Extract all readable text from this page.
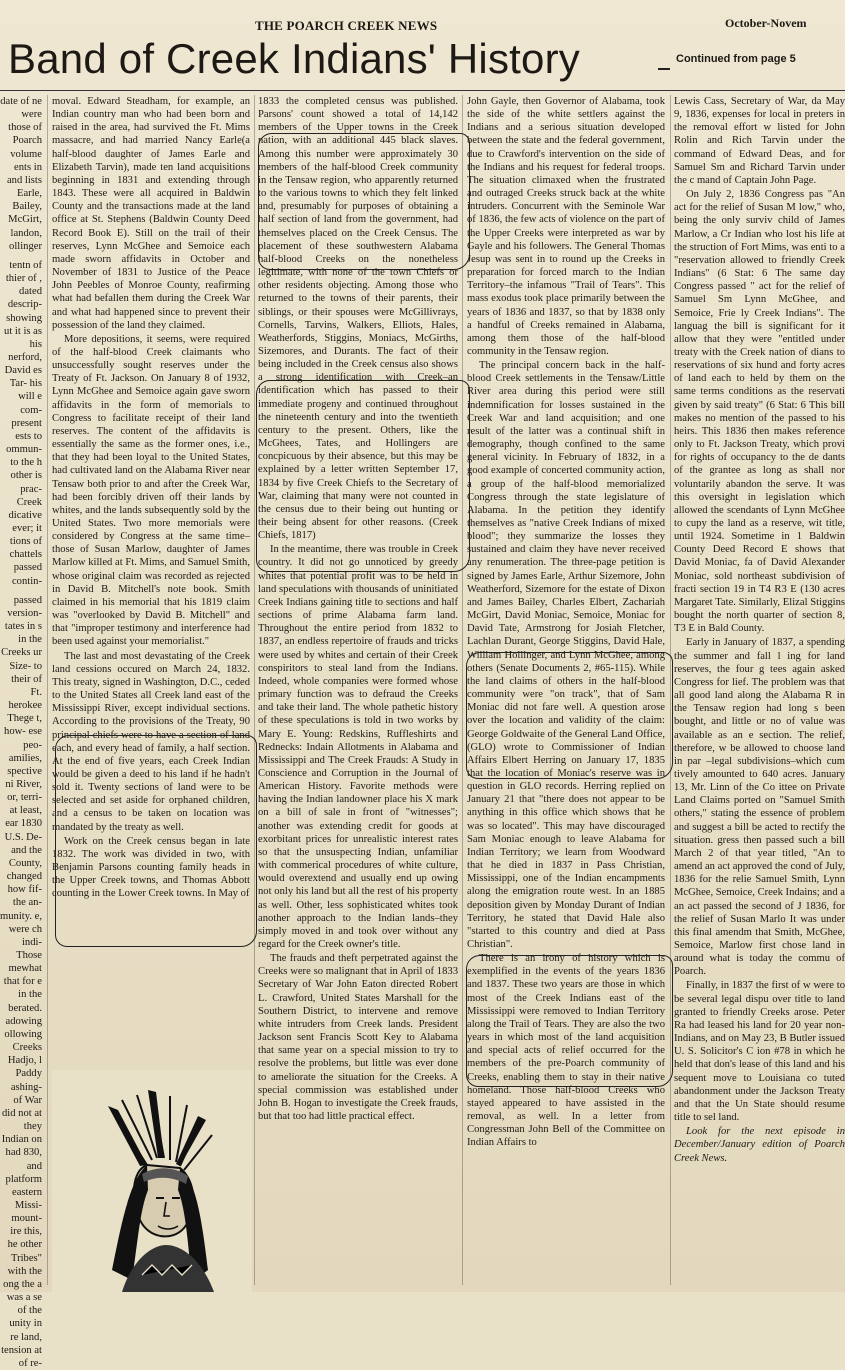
THE POARCH CREEK NEWS	October-Novem
Band of Creek Indians' History	Continued from page 5

date of ne were those of Poarch volume ents in and lists Earle, Bailey, McGirt, landon, ollinger

tentn of thier of , dated descrip- showing ut it is as his nerford, David es Tar- his will e com- present ests to ommun- to the h other is prac- Creek dicative ever; it tions of chattels passed contin-

passed version- tates in s in the Creeks ur Size- to their of Ft. herokee Thege t, how- ese peo- amilies, spective ni River, or, terri- at least, ear 1830 U.S. De- and the County, changed how fif- the an- munity. e, were ch indi- Those mewhat that for e in the berated. adowing ollowing Creeks Hadjo, l Paddy ashing- of War did not at they Indian on had 830, and platform eastern Missi- mount- ire this, he other Tribes" with the ong the a was a se of the unity in re land, tension at of re-

moval. Edward Steadham, for example, an Indian country man who had been born and raised in the area, had survived the Ft. Mims massacre, and had married Nancy Earle(a half-blood daughter of James Earle and Elizabeth Tarvin), made ten land acquisitions beginning in 1831 and extending through 1843. These were all acquired in Baldwin County and the transactions made at the land office at St. Stephens (Baldwin County Deed Record Book E). Still on the trail of their reserves, Lynn McGhee and Semoice each made sworn affidavits in October and November of 1831 to Justice of the Peace John Peebles of Monroe County, reafirming what had befallen them during the Creek War and what had happened since to prevent their possession of the land they claimed.

More depositions, it seems, were required of the half-blood Creek claimants who unsuccessfully sought reserves under the Treaty of Ft. Jackson. On January 8 of 1932, Lynn McGhee and Semoice again gave sworn affidavits in the form of memorials to Congress to facilitate receipt of their land reserves. The content of the affidavits is essentially the same as the former ones, i.e., that they had been loyal to the United States, had cultivated land on the Alabama River near Tensaw both prior to and after the Creek War, had been forcibly driven off their lands by whites, and the lands subsequently sold by the United States. Two more memorials were considered by Congress at the same time–those of Susan Marlow, daughter of James Marlow killed at Ft. Mims, and Samuel Smith, whose original claim was recorded as rejected in David B. Mitchell's note book. Smith claimed in his memorial that his 1819 claim was "overlooked by David B. Mitchell" and that "improper testimony and interference had been used against your memorialist."

The last and most devastating of the Creek land cessions occured on March 24, 1832. This treaty, signed in Washington, D.C., ceded to the United States all Creek land east of the Mississippi River, except individual sections. According to the provisions of the Treaty, 90 principal chiefs were to have a section of land each, and every head of family, a half section. At the end of five years, each Creek Indian would be given a deed to his land if he hadn't sold it. Twenty sections of land were to be selected and set aside for orphaned children, and a census to be taken on location was mandated by the treaty as well.

Work on the Creek census began in late 1832. The work was divided in two, with Benjamin Parsons counting family heads in the Upper Creek towns, and Thomas Abbott counting in the Lower Creek towns. In May of

1833 the completed census was published. Parsons' count showed a total of 14,142 members of the Upper towns in the Creek nation, with an additional 445 black slaves. Among this number were approximately 30 members of the half-blood Creek community in the Tensaw region, who apparently returned to the various towns to which they felt linked and, presumably for purposes of obtaining a half section of land from the government, had themselves placed on the Creek Census. The placement of these southwestern Alabama half-blood Creeks on the nonetheless legitimate, with none of the town Chiefs or other residents objecting. Among those who returned to the towns of their parents, their siblings, or their spouses were McGillivrays, Cornells, Tarvins, Walkers, Elliots, Hales, Weatherfords, Stiggins, Moniacs, McGirths, Sizemores, and Durants. The fact of their being included in the Creek census also shows a strong identification with Creek–an identification which has passed to their immediate progeny and continued throughout the nineteenth century and into the twentieth century to the present. Others, like the McGhees, Tates, and Hollingers are concpicuous by their absence, but this may be explained by a letter written September 17, 1834 by five Creek Chiefs to the Secretary of War, claiming that many were not counted in the census due to their being out hunting or their being absent for other reasons. (Creek Chiefs, 1817)

In the meantime, there was trouble in Creek country. It did not go unnoticed by greedy whites that potential profit was to be held in land speculations with thousands of uninitiated Creek Indians gaining title to sections and half sections of prime Alabama farm land. Throughout the entire period from 1832 to 1837, an endless repertoire of frauds and tricks were used by whites and certain of their Creek conspiritors to steal land from the Indians. Indeed, whole companies were formed whose primary function was to defraud the Creeks and take their land. The whole pathetic history of these speculations is told in two works by Mary E. Young: Redskins, Ruffleshirts and Rednecks: Indain Allotments in Alabama and Mississippi and The Creek Frauds: A Study in Conscience and Corruption in the Journal of American History. Favorite methods were having the Indian landowner place his X mark on a bill of sale in front of "witnesses"; another was extending credit for goods at exorbitant prices for unrealistic interest rates so that the unsuspecting Indian, unfamiliar with commerical procedures of white culture, would overextend and usually end up owing not only his land but all the rest of his property as well. Other, less sophisticated whites took another approach to the Indian lands–they simply moved in and took over without any regard for the Creek owner's title.

The frauds and theft perpetrated against the Creeks were so malignant that in April of 1833 Secretary of War John Eaton directed Robert L. Crawford, United States Marshall for the Southern District, to intervene and remove white intruders from Creek lands. President Jackson sent Francis Scott Key to Alabama that same year on a special mission to try to resolve the problems, but little was ever done to ameliorate the situation for the Creeks. A special commission was established under John B. Hogan to investigate the Creek frauds, but that too had little practical effect.

John Gayle, then Governor of Alabama, took the side of the white settlers against the Indians and a serious situation developed between the state and the federal government, due to Crawford's intervention on the side of the Indians and his request for federal troops. The situation climaxed when the frustrated and outraged Creeks struck back at the white intruders. Concurrent with the Seminole War of 1836, the few acts of violence on the part of the Upper Creeks were interpreted as war by Gayle and his followers. The General Thomas Jesup was sent in to round up the Creeks in preparation for forced march to the Indian Territory–the infamous "Trail of Tears". This mass exodus took place primarily between the years of 1836 and 1837, so that by 1838 only a handful of Creeks remained in Alabama, among them those of the half-blood community in the Tensaw region.

The principal concern back in the half-blood Creek settlements in the Tensaw/Little River area during this period were still indemnification for losses sustained in the Creek War and land acquisition; and one result of the latter was a continual shift in demography, though confined to the same general vicinity. In February of 1832, in a good example of concerted community action, a group of the half-blood memorialized Congress through the state legislature of Alabama. In the petition they identify themselves as "native Creek Indians of mixed blood"; they summarize the losses they sustained and claim they have never received any renumeration. The three-page petition is signed by James Earle, Arthur Sizemore, John Weatherford, Sizemore for the estate of Dixon and James Bailey, Charles Elbert, Zachariah McGirt, David Moniac, Semoice, Moniac for David Tate, Armstrong for Josiah Fletcher, Lachlan Durant, George Stiggins, David Hale, William Hollinger, and Lynn McGhee, among others (Senate Documents 2, #65-115). While the land claims of others in the half-blood community were "on track", that of Sam Moniac did not fare well. A question arose over the location and validity of the claim: George Goldwaite of the General Land Office, (GLO) wrote to Commissioner of Indian Affairs Elbert Herring on January 17, 1835 that the location of Moniac's reserve was in question in GLO records. Herring replied on January 21 that "there does not appear to be anything in this office which shows that he was so located". This may have discouraged Sam Moniac enough to leave Alabama for Indian Territory; we learn from Woodward that he died in 1837 in Pass Christian, Mississippi, one of the Indian encampments along the emigration route west. In an 1885 deposition given by Monday Durant of Indian Territory, he stated that David Hale also "started to this country and died at Pass Christian".

There is an irony of history which is exemplified in the events of the years 1836 and 1837. These two years are those in which most of the Creek Indians east of the Mississippi were removed to Indian Territory along the Trail of Tears. They are also the two years in which most of the land acquisition and special acts of relief occurred for the members of the pre-Poarch community of Creeks, enabling them to stay in their native homeland. Those half-blood Creeks who stayed appeared to have assisted in the removal, as well. In a letter from Congressman John Bell of the Committee on Indian Affairs to

Lewis Cass, Secretary of War, da May 9, 1836, expenses for local in preters in the removal effort w listed for John Rolin and Rich Tarvin under the command of Edward Deas, and for Samuel Sm and Richard Tarvin under the c mand of Captain John Page.

On July 2, 1836 Congress pas "An act for the relief of Susan M low," who, being the only surviv child of James Marlow, a Cr Indian who lost his life at the struction of Fort Mims, was enti to a "reservation allowed to friendly Creek Indians" (6 Stat: 6 The same day Congress passed " act for the relief of Samuel Sm Lynn McGhee, and Semoice, Frie ly Creek Indians". The languag the bill is significant for it allow that they were "entitled under treaty with the Creek nation of dians to reservations of six hund and forty acres of land each to held by them on the same terms conditions as the reservati given by said treaty" (6 Stat: 6 This bill makes no mention of the passed to his heirs. This 1836 then makes reference only to Ft. Jackson Treaty, which provi for rights of occupancy to the de dants of the grantee as long as shall nor voluntarily abandon the serve. It was this oversight in legislation which allowed the scendants of Lynn McGhee to cupy the land as a reserve, wit title, until 1924. Sometime in 1 Baldwin County Deed Record E shows that David Moniac, fa of David Alexander Moniac, sold northeast subdivision of fracti section 19 in T4 R3 E (130 acres Margaret Tate. Similarly, Elizal Stiggins bought the north quarter of section 8, T3 E in Bald County.

Early in January of 1837, a spending the summer and fall l ing for land reserves, the four g tees again asked Congress for lief. The problem was that all good land along the Alabama R in the Tensaw region had long s been bought, and little or no of value was available as an e section. The relief, therefore, w be allowed to choose land in par –legal subdivisions–which cum tively amounted to 640 acres. January 13, Mr. Linn of the Co ittee on Private Land Claims ported on "Samuel Smith others," stating the essence of problem and suggest a bill be acted to rectify the situation. gress then passed such a bill March 2 of that year titled, "An to amend an act approved the cond of July, 1836 for the relie Samuel Smith, Lynn McGhee, Semoice, Creek Indains; and a an act passed the second of J 1836, for the relief of Susan Marlo It was under this final amendm that Smith, McGhee, Semoice, Marlow first chose land in around what is today the commu of Poarch.

Finally, in 1837 the first of w were to be several legal dispu over title to land granted to friendly Creeks arose. Peter Ra had leased his land for 20 year non-Indians, and on May 23, B Butler issued U. S. Solicitor's C ion #78 in which he held that don's lease of this land and his sequent move to Louisiana co tuted abandonment under the Jackson Treaty and that the Un State should resume title to sel land.

Look for the next episode in December/January edition of Poarch Creek News.
